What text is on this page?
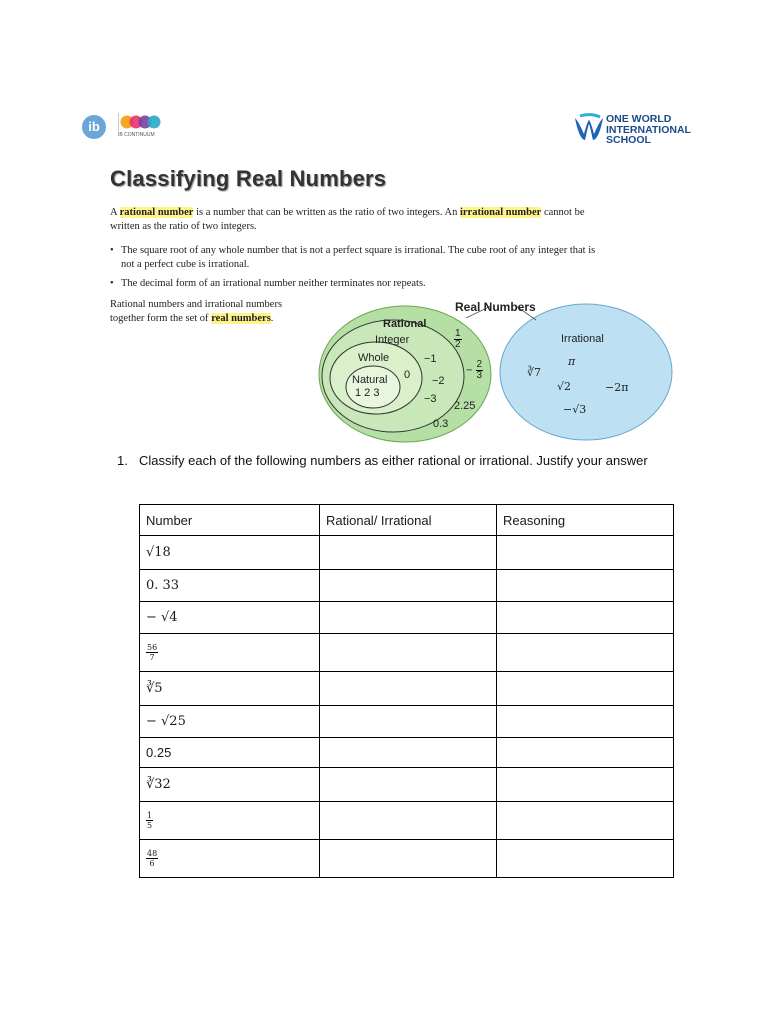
ib
IB CONTINUUM
ONE WORLD
INTERNATIONAL
SCHOOL
Classifying Real Numbers
A rational number is a number that can be written as the ratio of two integers. An irrational number cannot be written as the ratio of two integers.
• The square root of any whole number that is not a perfect square is irrational. The cube root of any integer that is not a perfect cube is irrational.
• The decimal form of an irrational number neither terminates nor repeats.
Rational numbers and irrational numbers together form the set of real numbers.
Real Numbers
Rational
Integer
Whole
Natural
1 2 3
0
−1
−2
−3
$\frac{1}{2}$
− $\frac{2}{3}$
2.25
0.3
Irrational
π
∛7
√2	−2π
−√3
1. Classify each of the following numbers as either rational or irrational. Justify your answer
Number	Rational/ Irrational	Reasoning
√18		
0. 33		
− √4		

$\frac{56}{7}$

∛5		
− √25		
0.25		
∛32		

$\frac{1}{5}$

$\frac{48}{6}$
